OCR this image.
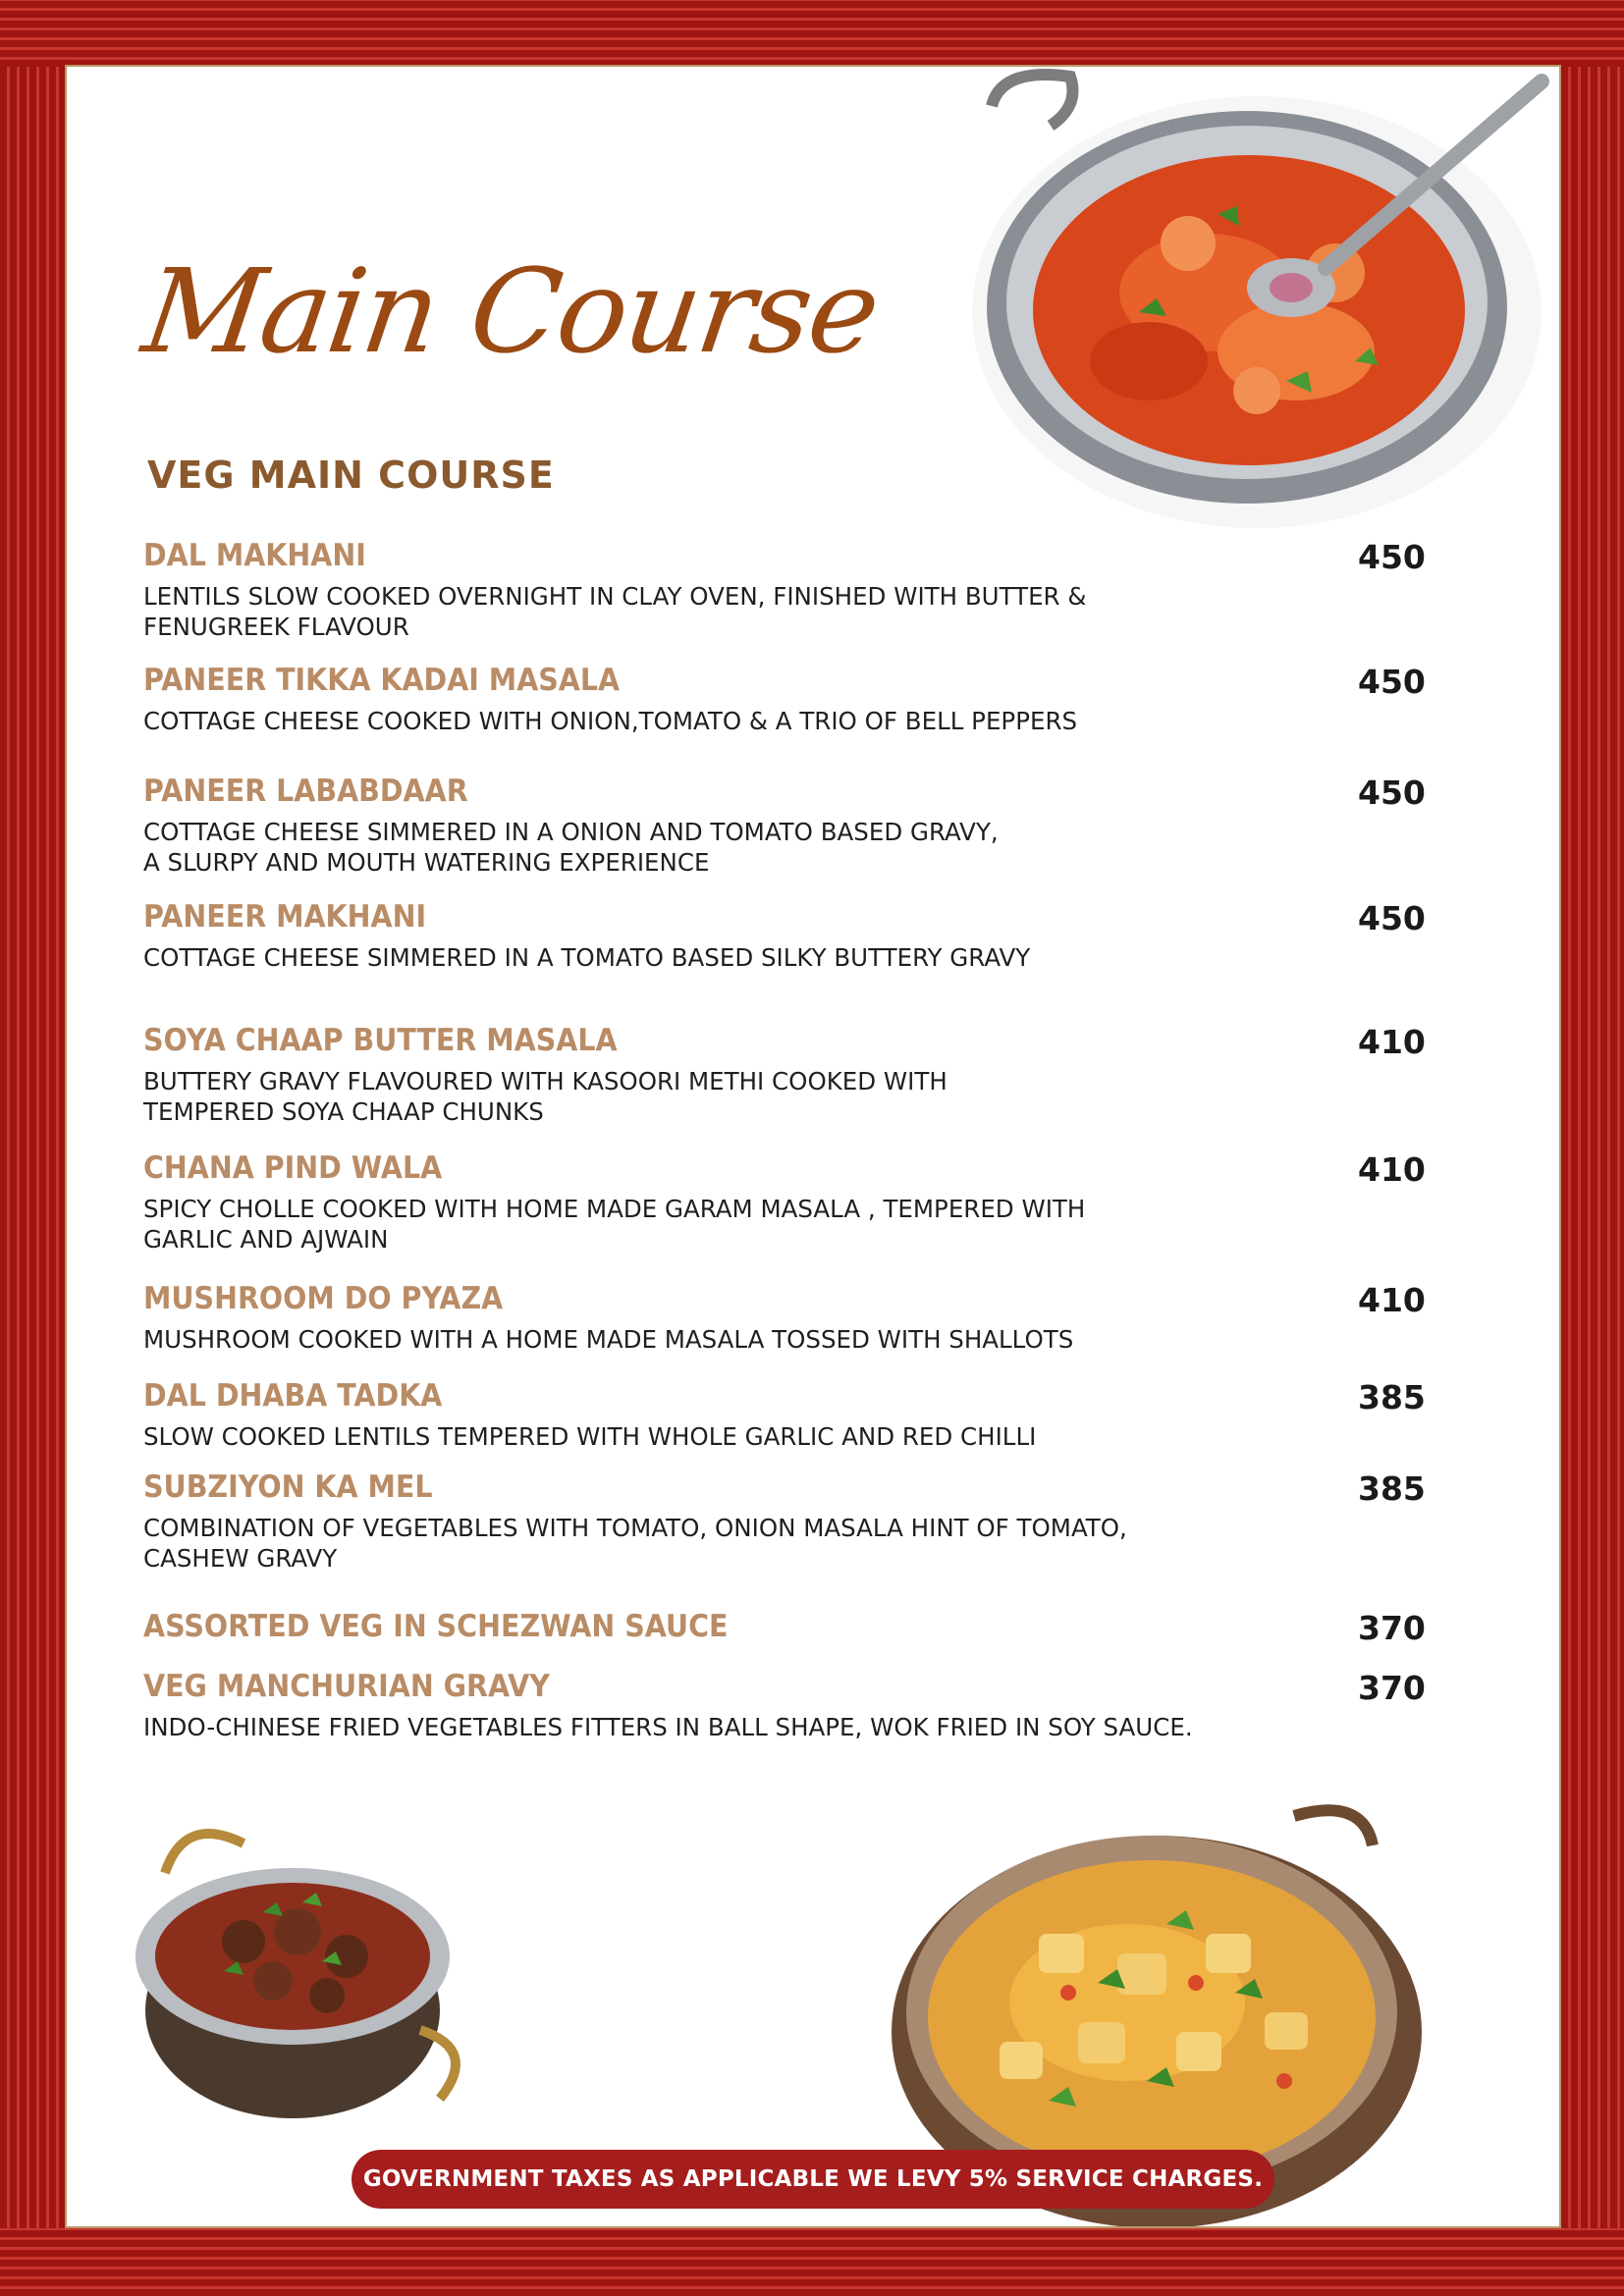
Main Course
VEG MAIN COURSE
DAL MAKHANI	450
LENTILS SLOW COOKED OVERNIGHT IN CLAY OVEN, FINISHED WITH BUTTER &
FENUGREEK FLAVOUR
PANEER TIKKA KADAI MASALA	450
COTTAGE CHEESE COOKED WITH ONION,TOMATO & A TRIO OF BELL PEPPERS
PANEER LABABDAAR	450
COTTAGE CHEESE SIMMERED IN A ONION AND TOMATO BASED GRAVY,
A SLURPY AND MOUTH WATERING EXPERIENCE
PANEER MAKHANI	450
COTTAGE CHEESE SIMMERED IN A TOMATO BASED SILKY BUTTERY GRAVY
SOYA CHAAP BUTTER MASALA	410
BUTTERY GRAVY FLAVOURED WITH KASOORI METHI COOKED WITH
TEMPERED SOYA CHAAP CHUNKS
CHANA PIND WALA	410
SPICY CHOLLE COOKED WITH HOME MADE GARAM MASALA , TEMPERED WITH
GARLIC AND AJWAIN
MUSHROOM DO PYAZA	410
MUSHROOM COOKED WITH A HOME MADE MASALA TOSSED WITH SHALLOTS
DAL DHABA TADKA	385
SLOW COOKED LENTILS TEMPERED WITH WHOLE GARLIC AND RED CHILLI
SUBZIYON KA MEL	385
COMBINATION OF VEGETABLES WITH TOMATO, ONION MASALA HINT OF TOMATO,
CASHEW GRAVY
ASSORTED VEG IN SCHEZWAN SAUCE	370
VEG MANCHURIAN GRAVY	370
INDO-CHINESE FRIED VEGETABLES FITTERS IN BALL SHAPE, WOK FRIED IN SOY SAUCE.
GOVERNMENT TAXES AS APPLICABLE WE LEVY 5% SERVICE CHARGES.
